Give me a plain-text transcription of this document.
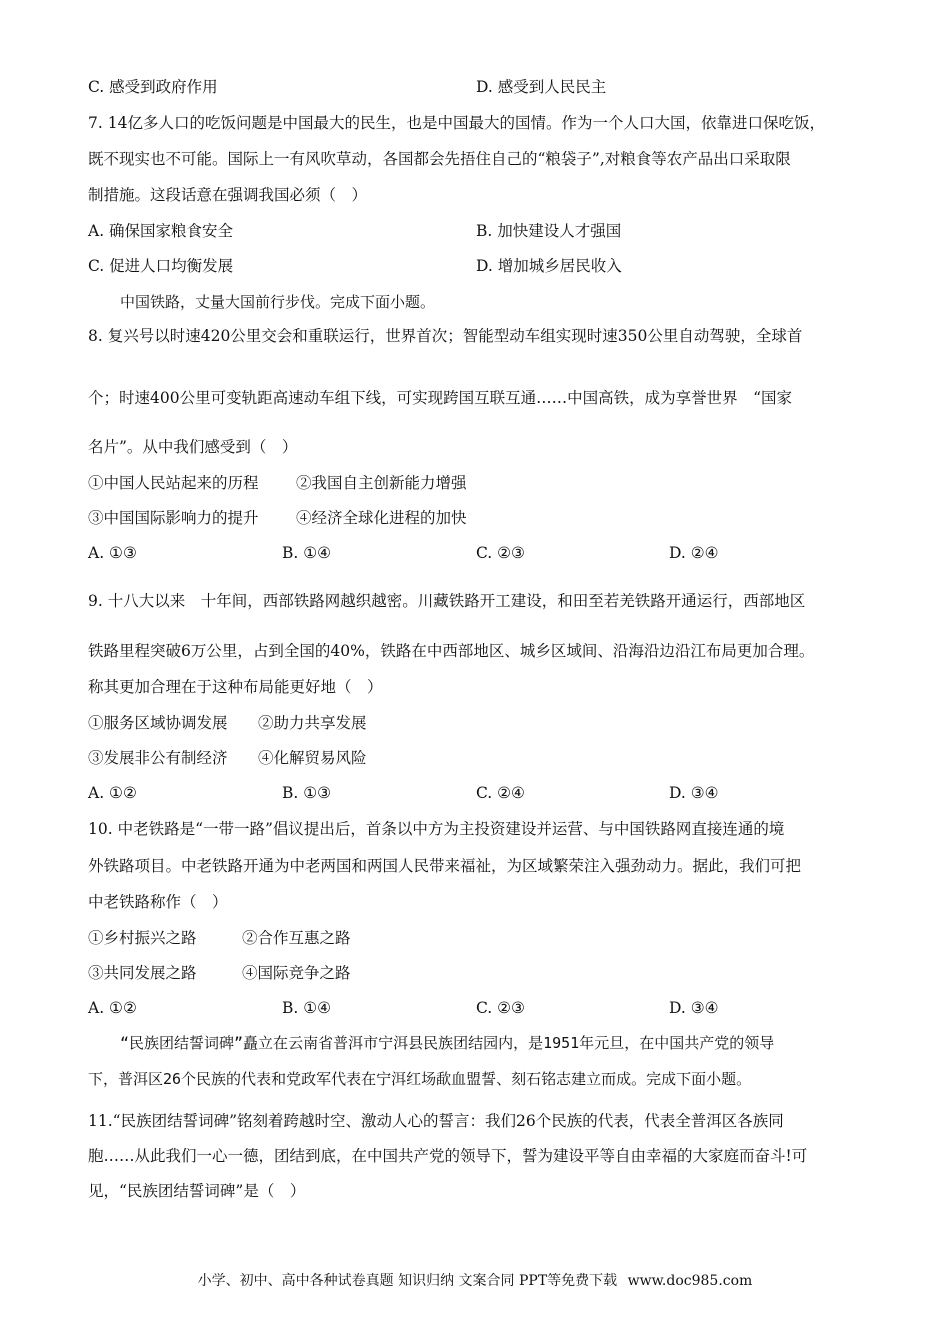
C. 感受到政府作用	D. 感受到人民民主
7. 14亿多人口的吃饭问题是中国最大的民生，也是中国最大的国情。作为一个人口大国，依靠进口保吃饭，
既不现实也不可能。国际上一有风吹草动，各国都会先捂住自己的“粮袋子”,对粮食等农产品出口采取限
制措施。这段话意在强调我国必须（　）
A. 确保国家粮食安全	B. 加快建设人才强国
C. 促进人口均衡发展	D. 增加城乡居民收入
中国铁路，丈量大国前行步伐。完成下面小题。
8. 复兴号以时速420公里交会和重联运行，世界首次；智能型动车组实现时速350公里自动驾驶，全球首
个；时速400公里可变轨距高速动车组下线，可实现跨国互联互通……中国高铁，成为享誉世界　“国家
名片”。从中我们感受到（　）
①中国人民站起来的历程 ②我国自主创新能力增强
③中国国际影响力的提升 ④经济全球化进程的加快
A. ①③	B. ①④	C. ②③	D. ②④
9. 十八大以来　十年间，西部铁路网越织越密。川藏铁路开工建设，和田至若羌铁路开通运行，西部地区
铁路里程突破6万公里，占到全国的40%，铁路在中西部地区、城乡区域间、沿海沿边沿江布局更加合理。
称其更加合理在于这种布局能更好地（　）
①服务区域协调发展 ②助力共享发展
③发展非公有制经济 ④化解贸易风险
A. ①②	B. ①③	C. ②④	D. ③④
10. 中老铁路是“一带一路”倡议提出后，首条以中方为主投资建设并运营、与中国铁路网直接连通的境
外铁路项目。中老铁路开通为中老两国和两国人民带来福祉，为区域繁荣注入强劲动力。据此，我们可把
中老铁路称作（　）
①乡村振兴之路	②合作互惠之路
③共同发展之路	④国际竞争之路
A. ①②	B. ①④	C. ②③	D. ③④
“民族团结誓词碑”矗立在云南省普洱市宁洱县民族团结园内，是1951年元旦，在中国共产党的领导
下，普洱区26个民族的代表和党政军代表在宁洱红场歃血盟誓、刻石铭志建立而成。完成下面小题。
11.“民族团结誓词碑”铭刻着跨越时空、激动人心的誓言：我们26个民族的代表，代表全普洱区各族同
胞……从此我们一心一德，团结到底，在中国共产党的领导下，誓为建设平等自由幸福的大家庭而奋斗!可
见，“民族团结誓词碑”是（　）
小学、初中、高中各种试卷真题 知识归纳 文案合同 PPT等免费下载 www.doc985.com
